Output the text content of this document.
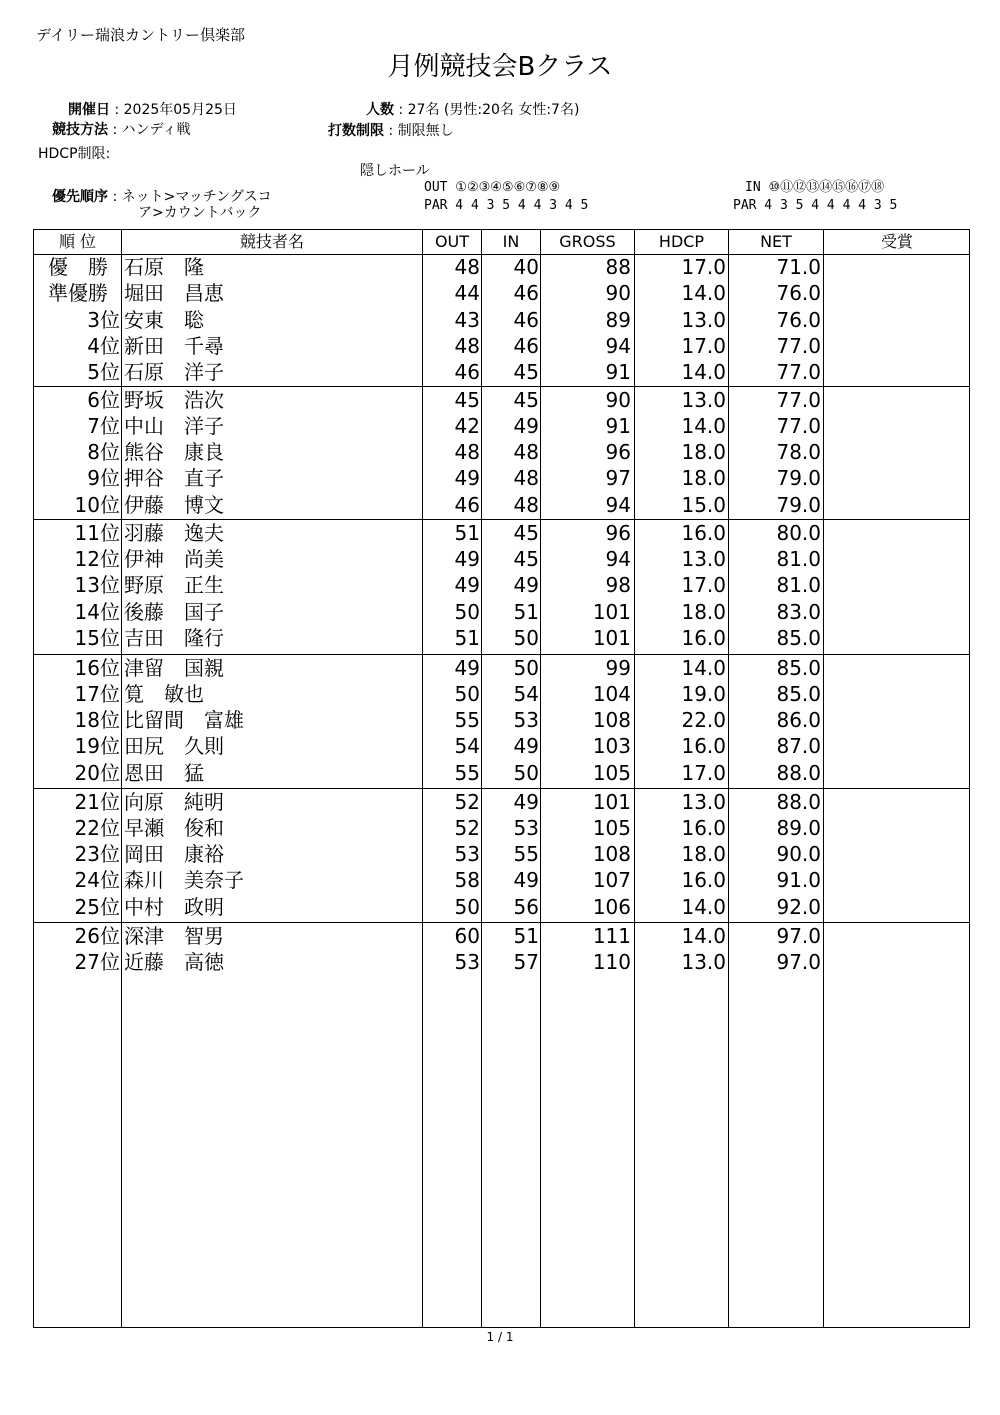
デイリー瑞浪カントリー倶楽部
月例競技会Bクラス
開催日 : 2025年05月25日
競技方法 : ハンディ戦
HDCP制限:
優先順序 : ネット>マッチングスコ
ア>カウントバック
人数 : 27名 (男性:20名 女性:7名)
打数制限 : 制限無し
隠しホール
OUT ①②③④⑤⑥⑦⑧⑨
PAR 4 4 3 5 4 4 3 4 5
IN ⑩⑪⑫⑬⑭⑮⑯⑰⑱
PAR 4 3 5 4 4 4 4 3 5
順 位	競技者名	OUT	IN	GROSS	HDCP	NET	受賞
優　勝 石原　隆	48	40	88	17.0	71.0
準優勝 堀田　昌恵	44	46	90	14.0	76.0
3位 安東　聡	43	46	89	13.0	76.0
4位 新田　千尋	48	46	94	17.0	77.0
5位 石原　洋子	46	45	91	14.0	77.0
6位 野坂　浩次	45	45	90	13.0	77.0
7位 中山　洋子	42	49	91	14.0	77.0
8位 熊谷　康良	48	48	96	18.0	78.0
9位 押谷　直子	49	48	97	18.0	79.0
10位 伊藤　博文	46	48	94	15.0	79.0
11位 羽藤　逸夫	51	45	96	16.0	80.0
12位 伊神　尚美	49	45	94	13.0	81.0
13位 野原　正生	49	49	98	17.0	81.0
14位 後藤　国子	50	51	101	18.0	83.0
15位 吉田　隆行	51	50	101	16.0	85.0
16位 津留　国親	49	50	99	14.0	85.0
17位 筧　敏也	50	54	104	19.0	85.0
18位 比留間　富雄	55	53	108	22.0	86.0
19位 田尻　久則	54	49	103	16.0	87.0
20位 恩田　猛	55	50	105	17.0	88.0
21位 向原　純明	52	49	101	13.0	88.0
22位 早瀬　俊和	52	53	105	16.0	89.0
23位 岡田　康裕	53	55	108	18.0	90.0
24位 森川　美奈子	58	49	107	16.0	91.0
25位 中村　政明	50	56	106	14.0	92.0
26位 深津　智男	60	51	111	14.0	97.0
27位 近藤　高徳	53	57	110	13.0	97.0
1 / 1
